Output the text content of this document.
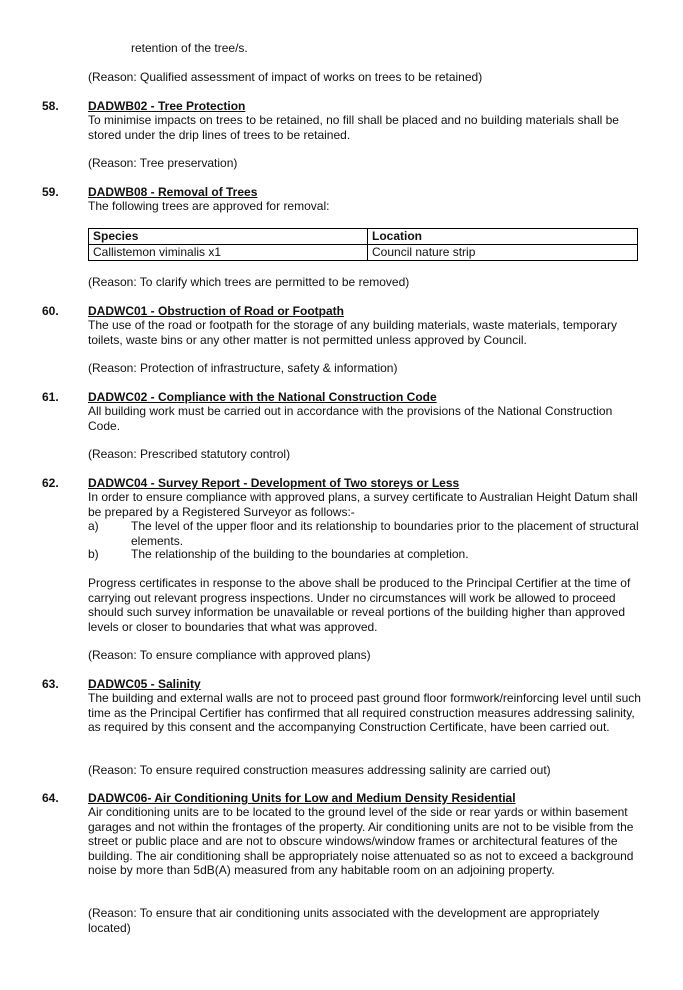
retention of the tree/s.

(Reason: Qualified assessment of impact of works on trees to be retained)

58. DADWB02 - Tree Protection

To minimise impacts on trees to be retained, no fill shall be placed and no building materials shall be stored under the drip lines of trees to be retained.

(Reason: Tree preservation)

59. DADWB08 - Removal of Trees

The following trees are approved for removal:

Species	Location
Callistemon viminalis x1	Council nature strip

(Reason: To clarify which trees are permitted to be removed)

60. DADWC01 - Obstruction of Road or Footpath

The use of the road or footpath for the storage of any building materials, waste materials, temporary toilets, waste bins or any other matter is not permitted unless approved by Council.

(Reason: Protection of infrastructure, safety & information)

61. DADWC02 - Compliance with the National Construction Code

All building work must be carried out in accordance with the provisions of the National Construction Code.

(Reason: Prescribed statutory control)

62. DADWC04 - Survey Report - Development of Two storeys or Less

In order to ensure compliance with approved plans, a survey certificate to Australian Height Datum shall be prepared by a Registered Surveyor as follows:-

a)	The level of the upper floor and its relationship to boundaries prior to the placement of structural elements.

b)	The relationship of the building to the boundaries at completion.

Progress certificates in response to the above shall be produced to the Principal Certifier at the time of carrying out relevant progress inspections. Under no circumstances will work be allowed to proceed should such survey information be unavailable or reveal portions of the building higher than approved levels or closer to boundaries that what was approved.

(Reason: To ensure compliance with approved plans)

63. DADWC05 - Salinity

The building and external walls are not to proceed past ground floor formwork/reinforcing level until such time as the Principal Certifier has confirmed that all required construction measures addressing salinity, as required by this consent and the accompanying Construction Certificate, have been carried out.

(Reason: To ensure required construction measures addressing salinity are carried out)

64. DADWC06- Air Conditioning Units for Low and Medium Density Residential

Air conditioning units are to be located to the ground level of the side or rear yards or within basement garages and not within the frontages of the property. Air conditioning units are not to be visible from the street or public place and are not to obscure windows/window frames or architectural features of the building. The air conditioning shall be appropriately noise attenuated so as not to exceed a background noise by more than 5dB(A) measured from any habitable room on an adjoining property.

(Reason: To ensure that air conditioning units associated with the development are appropriately located)
